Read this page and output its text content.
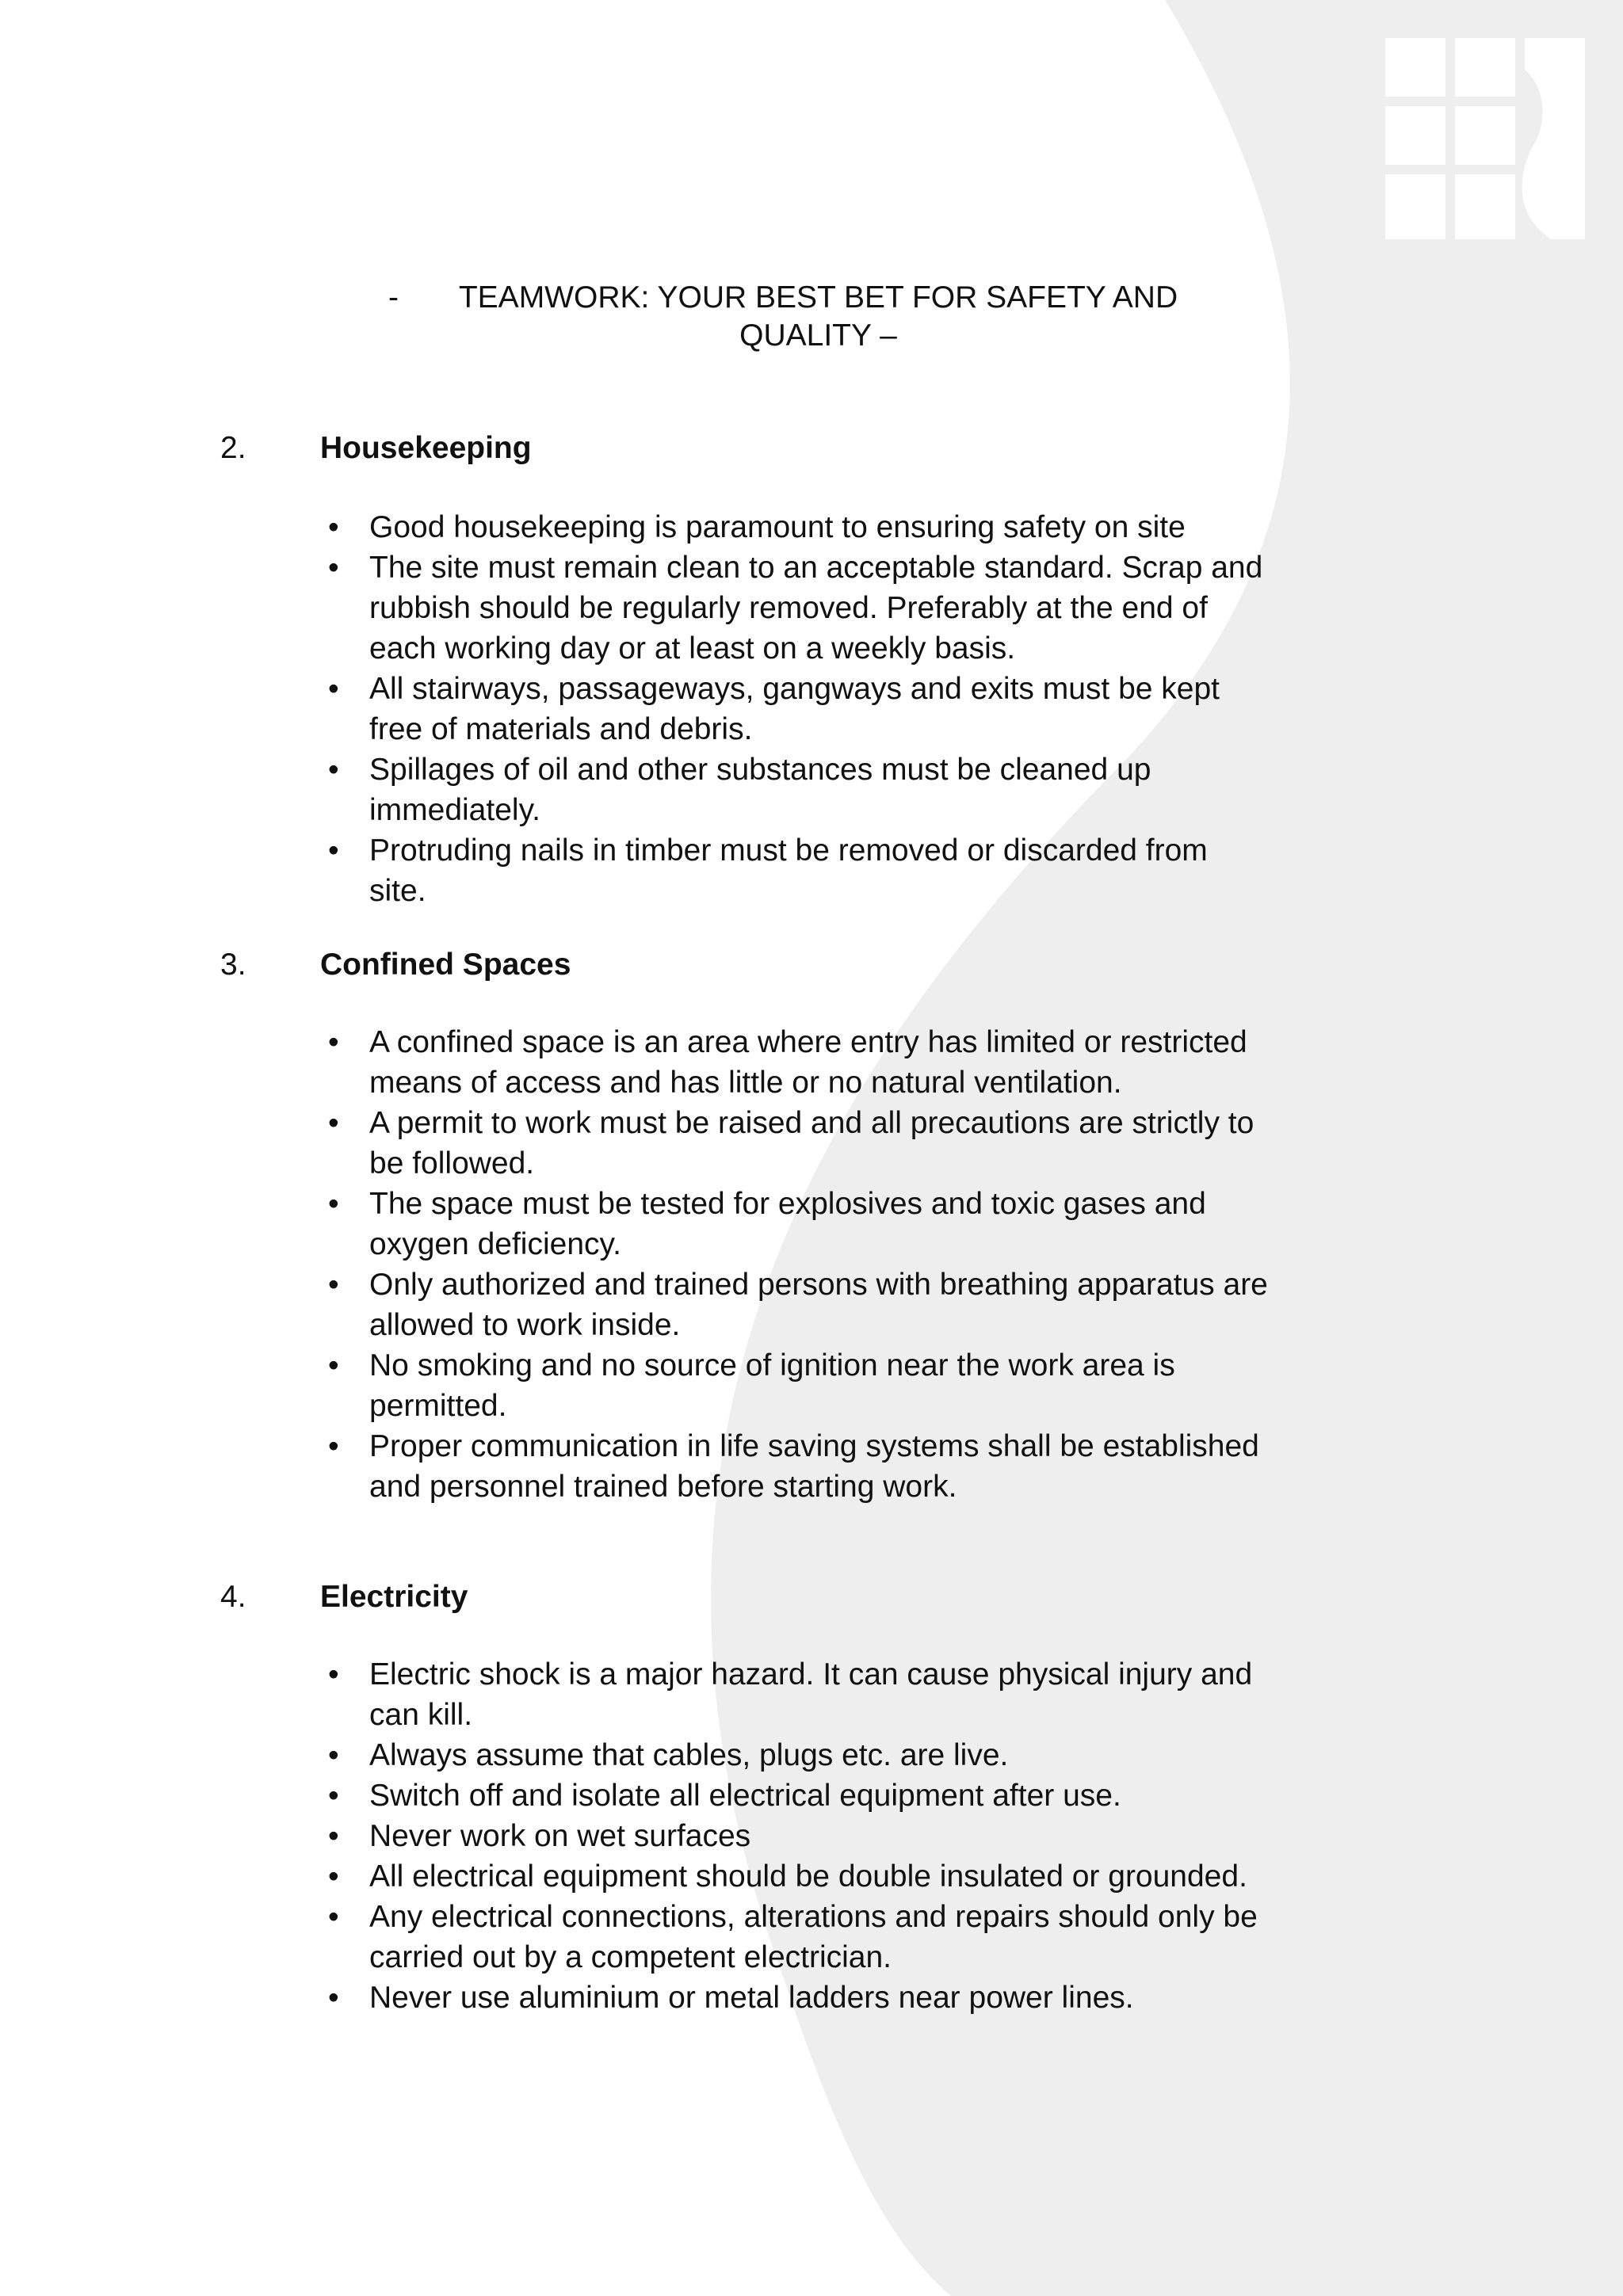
-	TEAMWORK: YOUR BEST BET FOR SAFETY AND QUALITY –
2. Housekeeping
• Good housekeeping is paramount to ensuring safety on site
• The site must remain clean to an acceptable standard. Scrap and rubbish should be regularly removed. Preferably at the end of each working day or at least on a weekly basis.
• All stairways, passageways, gangways and exits must be kept free of materials and debris.
• Spillages of oil and other substances must be cleaned up immediately.
• Protruding nails in timber must be removed or discarded from site.
3. Confined Spaces
• A confined space is an area where entry has limited or restricted means of access and has little or no natural ventilation.
• A permit to work must be raised and all precautions are strictly to be followed.
• The space must be tested for explosives and toxic gases and oxygen deficiency.
• Only authorized and trained persons with breathing apparatus are allowed to work inside.
• No smoking and no source of ignition near the work area is permitted.
• Proper communication in life saving systems shall be established and personnel trained before starting work.
4. Electricity
• Electric shock is a major hazard. It can cause physical injury and can kill.
• Always assume that cables, plugs etc. are live.
• Switch off and isolate all electrical equipment after use.
• Never work on wet surfaces
• All electrical equipment should be double insulated or grounded.
• Any electrical connections, alterations and repairs should only be carried out by a competent electrician.
• Never use aluminium or metal ladders near power lines.
